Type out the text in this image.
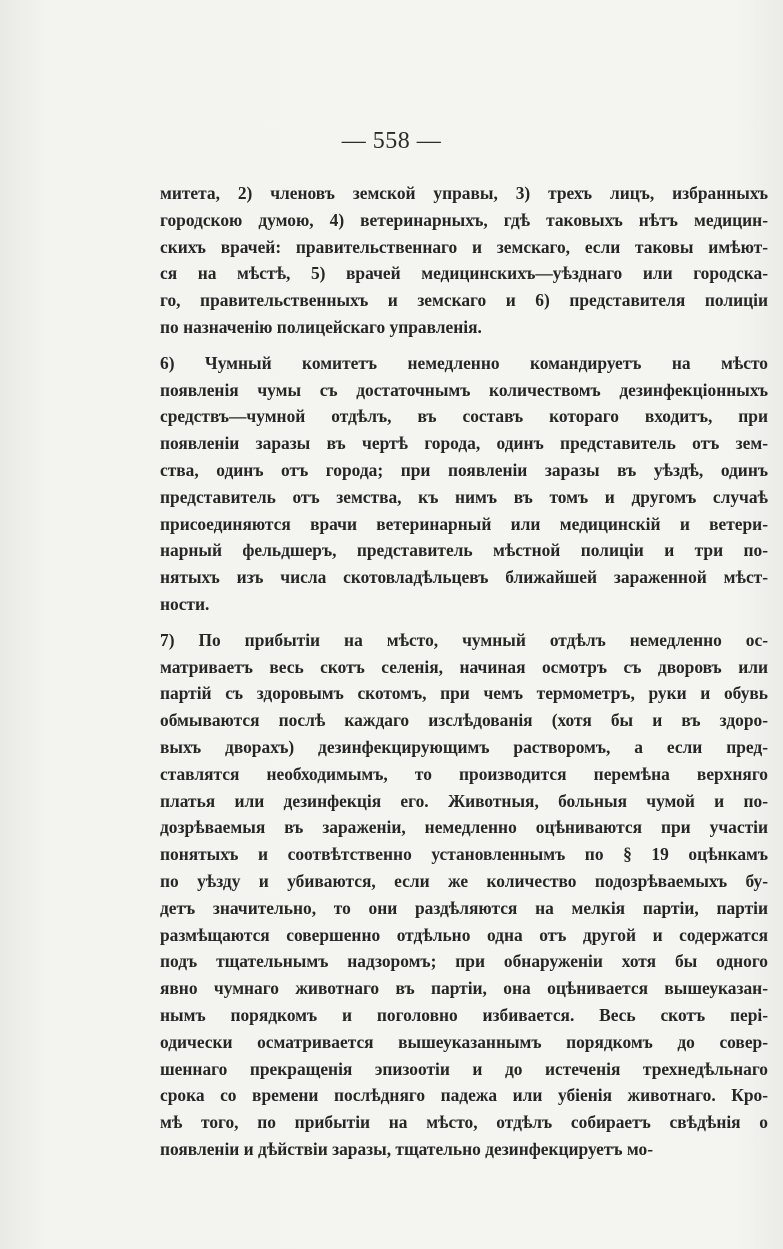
— 558 —
митета, 2) членовъ земской управы, 3) трехъ лицъ, избранныхъ
городскою думою, 4) ветеринарныхъ, гдѣ таковыхъ нѣтъ медицин-
скихъ врачей: правительственнаго и земскаго, если таковы имѣют-
ся на мѣстѣ, 5) врачей медицинскихъ—уѣзднаго или городска-
го, правительственныхъ и земскаго и 6) представителя полиціи
по назначенію полицейскаго управленія.
6) Чумный комитетъ немедленно командируетъ на мѣсто
появленія чумы съ достаточнымъ количествомъ дезинфекціонныхъ
средствъ—чумной отдѣлъ, въ составъ котораго входитъ, при
появленіи заразы въ чертѣ города, одинъ представитель отъ зем-
ства, одинъ отъ города; при появленіи заразы въ уѣздѣ, одинъ
представитель отъ земства, къ нимъ въ томъ и другомъ случаѣ
присоединяются врачи ветеринарный или медицинскій и ветери-
нарный фельдшеръ, представитель мѣстной полиціи и три по-
нятыхъ изъ числа скотовладѣльцевъ ближайшей зараженной мѣст-
ности.
7) По прибытіи на мѣсто, чумный отдѣлъ немедленно ос-
матриваетъ весь скотъ селенія, начиная осмотръ съ дворовъ или
партій съ здоровымъ скотомъ, при чемъ термометръ, руки и обувь
обмываются послѣ каждаго изслѣдованія (хотя бы и въ здоро-
выхъ дворахъ) дезинфекцирующимъ растворомъ, а если пред-
ставлятся необходимымъ, то производится перемѣна верхняго
платья или дезинфекція его. Животныя, больныя чумой и по-
дозрѣваемыя въ зараженіи, немедленно оцѣниваются при участіи
понятыхъ и соотвѣтственно установленнымъ по § 19 оцѣнкамъ
по уѣзду и убиваются, если же количество подозрѣваемыхъ бу-
детъ значительно, то они раздѣляются на мелкія партіи, партіи
размѣщаются совершенно отдѣльно одна отъ другой и содержатся
подъ тщательнымъ надзоромъ; при обнаруженіи хотя бы одного
явно чумнаго животнаго въ партіи, она оцѣнивается вышеуказан-
нымъ порядкомъ и поголовно избивается. Весь скотъ пері-
одически осматривается вышеуказаннымъ порядкомъ до совер-
шеннаго прекращенія эпизоотіи и до истеченія трехнедѣльнаго
срока со времени послѣдняго падежа или убіенія животнаго. Кро-
мѣ того, по прибытіи на мѣсто, отдѣлъ собираетъ свѣдѣнія о
появленіи и дѣйствіи заразы, тщательно дезинфекцируетъ мо-
